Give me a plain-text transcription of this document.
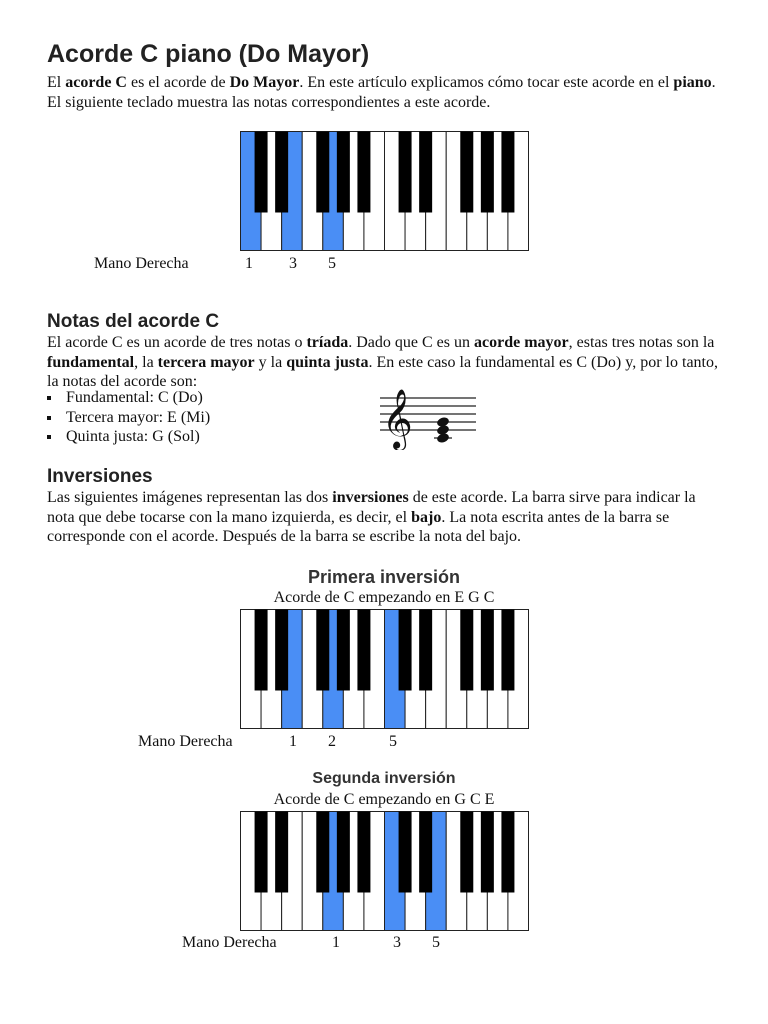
Acorde C piano (Do Mayor)

El acorde C es el acorde de Do Mayor. En este artículo explicamos cómo tocar este acorde en el piano. El siguiente teclado muestra las notas correspondientes a este acorde.

Mano Derecha	1 3 5
Notas del acorde C

El acorde C es un acorde de tres notas o tríada. Dado que C es un acorde mayor, estas tres notas son la fundamental, la tercera mayor y la quinta justa. En este caso la fundamental es C (Do) y, por lo tanto, la notas del acorde son:

Fundamental: C (Do)
Tercera mayor: E (Mi)
Quinta justa: G (Sol)	𝄞
Inversiones

Las siguientes imágenes representan las dos inversiones de este acorde. La barra sirve para indicar la nota que debe tocarse con la mano izquierda, es decir, el bajo. La nota escrita antes de la barra se corresponde con el acorde. Después de la barra se escribe la nota del bajo.

Primera inversión
Acorde de C empezando en E G C
Mano Derecha	1 2	5
Segunda inversión
Acorde de C empezando en G C E
Mano Derecha	1	3 5
